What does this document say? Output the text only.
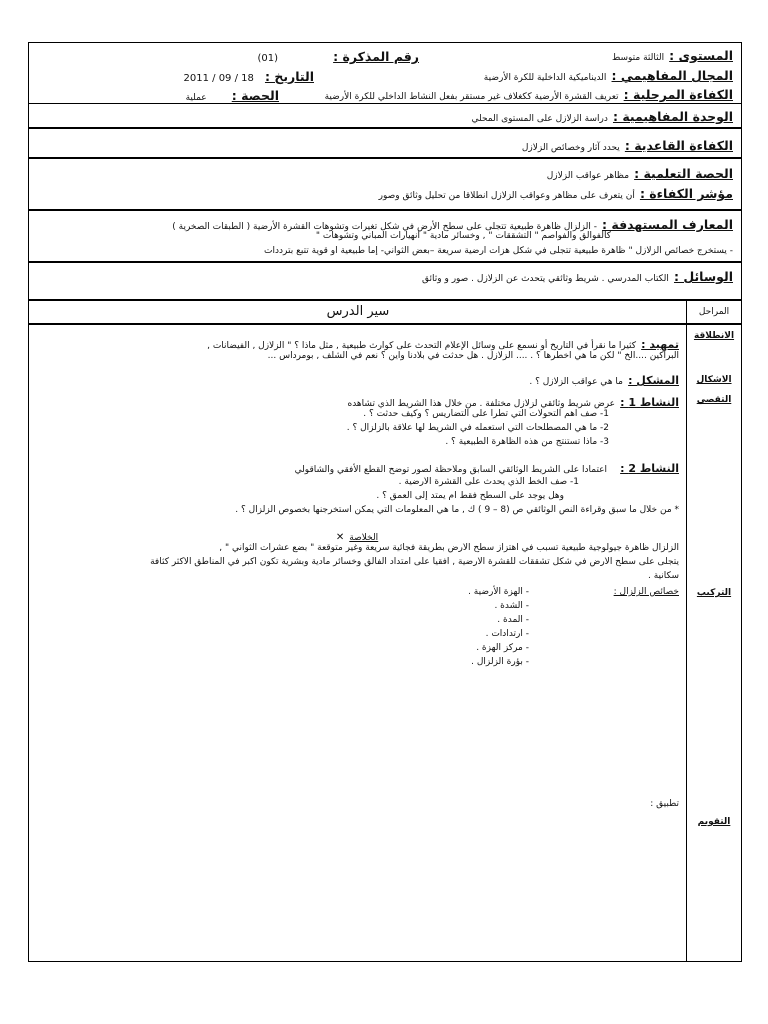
المستوى : الثالثة متوسط
رقم المذكرة : (01)
المجال المفاهيمي : الديناميكية الداخلية للكرة الأرضية
التاريخ : 2011 / 09 / 18
الكفاءة المرحلية : تعريف القشرة الأرضية ككغلاف غير مستقر بفعل النشاط الداخلي للكرة الأرضية
الحصة : عملية
الوحدة المفاهيمية : دراسة الزلازل على المستوى المحلي
الكفاءة القاعدية : يحدد آثار وخصائص الزلازل
الحصة التعلمية : مظاهر عواقب الزلازل
مؤشر الكفاءة : أن يتعرف على مظاهر وعواقب الزلازل انطلاقا من تحليل وثائق وصور
المعارف المستهدفة : - الزلزال ظاهرة طبيعية تتجلى على سطح الأرض في شكل تغيرات وتشوهات القشرة الأرضية ( الطبقات الصخرية )
كالفوالق والفواصم " التشققات " , وخسائر مادية " انهيارات المباني وتشوهات "
- يستخرج خصائص الزلازل " ظاهرة طبيعية تتجلى في شكل هزات أرضية سريعة –بعض الثواني- إما طبيعية أو قوية تتبع بترددات
الوسائل : الكتاب المدرسي . شريط وثائقي يتحدث عن الزلازل . صور و وثائق
المراحل
سير الدرس
الانطلاقة
الاشكال
التقصي
التركيب
التقويم
تمهيد : كثيرا ما نقرأ في التاريخ أو نسمع على وسائل الإعلام التحدث على كوارث طبيعية , مثل ماذا ؟ " الزلازل , الفيضانات ,
البراكين ....الخ " لكن ما هي أخطرها ؟ . .... الزلازل . هل حدثت في بلادنا وأين ؟ نعم في الشلف , بومرداس ...
المشكل : ما هي عواقب الزلازل ؟ .
النشاط 1 : عرض شريط وثائقي لزلازل مختلفة . من خلال هذا الشريط الذي تشاهده
1- صف أهم التحولات التي تطرأ على التضاريس ؟ وكيف حدثت ؟ .
2- ما هي المصطلحات التي استعمله في الشريط لها علاقة بالزلزال ؟ .
3- ماذا تستنتج من هذه الظاهرة الطبيعية ؟ .
النشاط 2 : اعتمادا على الشريط الوثائقي السابق وملاحظة لصور توضح القطع الأفقي والشاقولي
1- صف الخط الذي يحدث على القشرة الأرضية .
وهل يوجد على السطح فقط أم يمتد إلى العمق ؟ .
* من خلال ما سبق وقراءة النص الوثائقي ص (8 – 9 ) ك , ما هي المعلومات التي يمكن استخرجنها بخصوص الزلزال ؟ .
الخلاصة ✕
الزلزال ظاهرة جيولوجية طبيعية تسبب في اهتزاز سطح الأرض بطريقة فجائية سريعة وغير متوقعة " بضع عشرات الثواني " ,
يتجلى على سطح الأرض في شكل تشققات للقشرة الأرضية , أفقيا على امتداد الفالق وخسائر مادية وبشرية تكون أكبر في المناطق الأكثر كثافة
سكانية .
خصائص الزلزال :
- الهزة الأرضية .
- الشدة .
- المدة .
- ارتدادات .
- مركز الهزة .
- بؤرة الزلزال .
تطبيق :
